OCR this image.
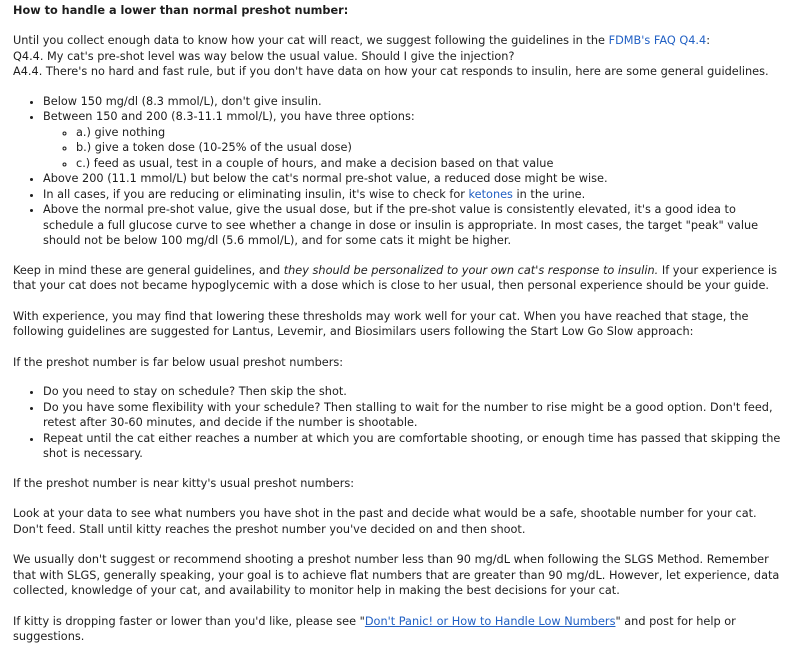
How to handle a lower than normal preshot number:

Until you collect enough data to know how your cat will react, we suggest following the guidelines in the FDMB's FAQ Q4.4:

Q4.4. My cat's pre-shot level was way below the usual value. Should I give the injection?
A4.4. There's no hard and fast rule, but if you don't have data on how your cat responds to insulin, here are some general guidelines.
• Below 150 mg/dl (8.3 mmol/L), don't give insulin.
• Between 150 and 200 (8.3-11.1 mmol/L), you have three options:
◦ a.) give nothing
◦ b.) give a token dose (10-25% of the usual dose)
◦ c.) feed as usual, test in a couple of hours, and make a decision based on that value
• Above 200 (11.1 mmol/L) but below the cat's normal pre-shot value, a reduced dose might be wise.
• In all cases, if you are reducing or eliminating insulin, it's wise to check for ketones in the urine.
• Above the normal pre-shot value, give the usual dose, but if the pre-shot value is consistently elevated, it's a good idea to schedule a full glucose curve to see whether a change in dose or insulin is appropriate. In most cases, the target "peak" value should not be below 100 mg/dl (5.6 mmol/L), and for some cats it might be higher.

Keep in mind these are general guidelines, and they should be personalized to your own cat's response to insulin. If your experience is that your cat does not became hypoglycemic with a dose which is close to her usual, then personal experience should be your guide.

With experience, you may find that lowering these thresholds may work well for your cat. When you have reached that stage, the following guidelines are suggested for Lantus, Levemir, and Biosimilars users following the Start Low Go Slow approach:

If the preshot number is far below usual preshot numbers:

• Do you need to stay on schedule? Then skip the shot.
• Do you have some flexibility with your schedule? Then stalling to wait for the number to rise might be a good option. Don't feed, retest after 30-60 minutes, and decide if the number is shootable.
• Repeat until the cat either reaches a number at which you are comfortable shooting, or enough time has passed that skipping the shot is necessary.

If the preshot number is near kitty's usual preshot numbers:

Look at your data to see what numbers you have shot in the past and decide what would be a safe, shootable number for your cat. Don't feed. Stall until kitty reaches the preshot number you've decided on and then shoot.

We usually don't suggest or recommend shooting a preshot number less than 90 mg/dL when following the SLGS Method. Remember that with SLGS, generally speaking, your goal is to achieve flat numbers that are greater than 90 mg/dL. However, let experience, data collected, knowledge of your cat, and availability to monitor help in making the best decisions for your cat.

If kitty is dropping faster or lower than you'd like, please see "Don't Panic! or How to Handle Low Numbers" and post for help or suggestions.
